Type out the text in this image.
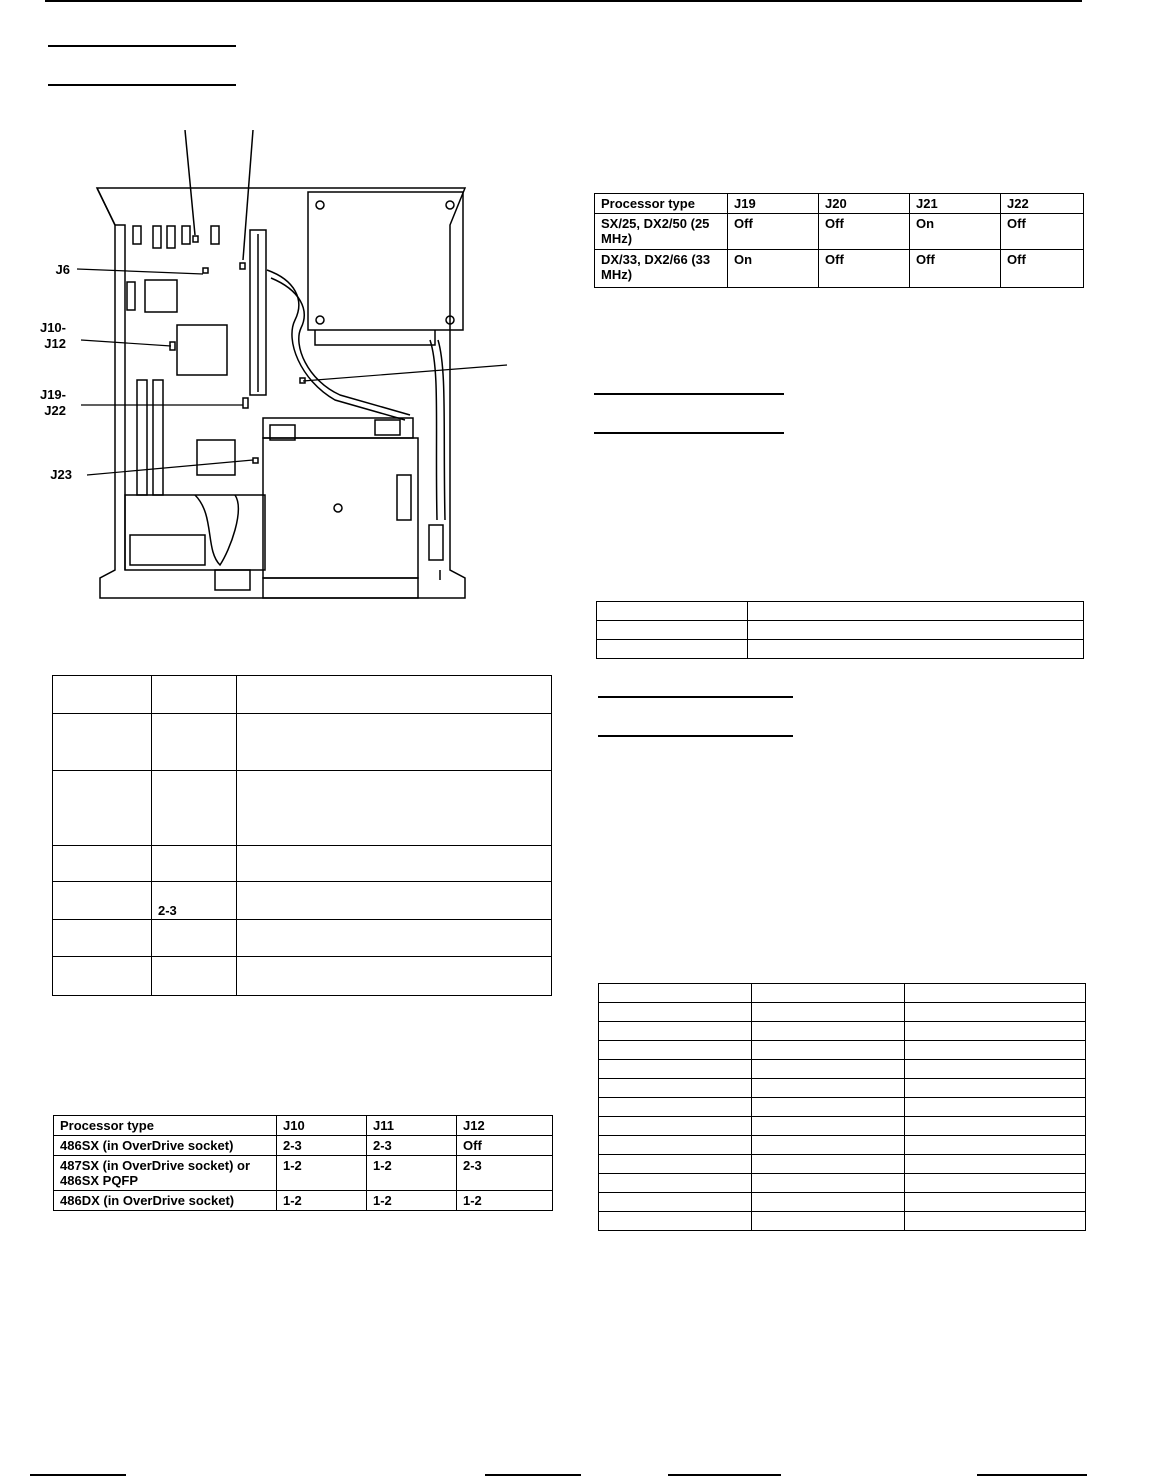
J6
J10-
J12
J19-
J22
J23

	2-3	

Processor type	J10	J11	J12
486SX (in OverDrive socket)	2-3	2-3	Off
487SX (in OverDrive socket) or 486SX PQFP	1-2	1-2	2-3
486DX (in OverDrive socket)	1-2	1-2	1-2
Processor type	J19	J20	J21	J22
SX/25, DX2/50 (25 MHz)	Off	Off	On	Off
DX/33, DX2/66 (33 MHz)	On	Off	Off	Off
